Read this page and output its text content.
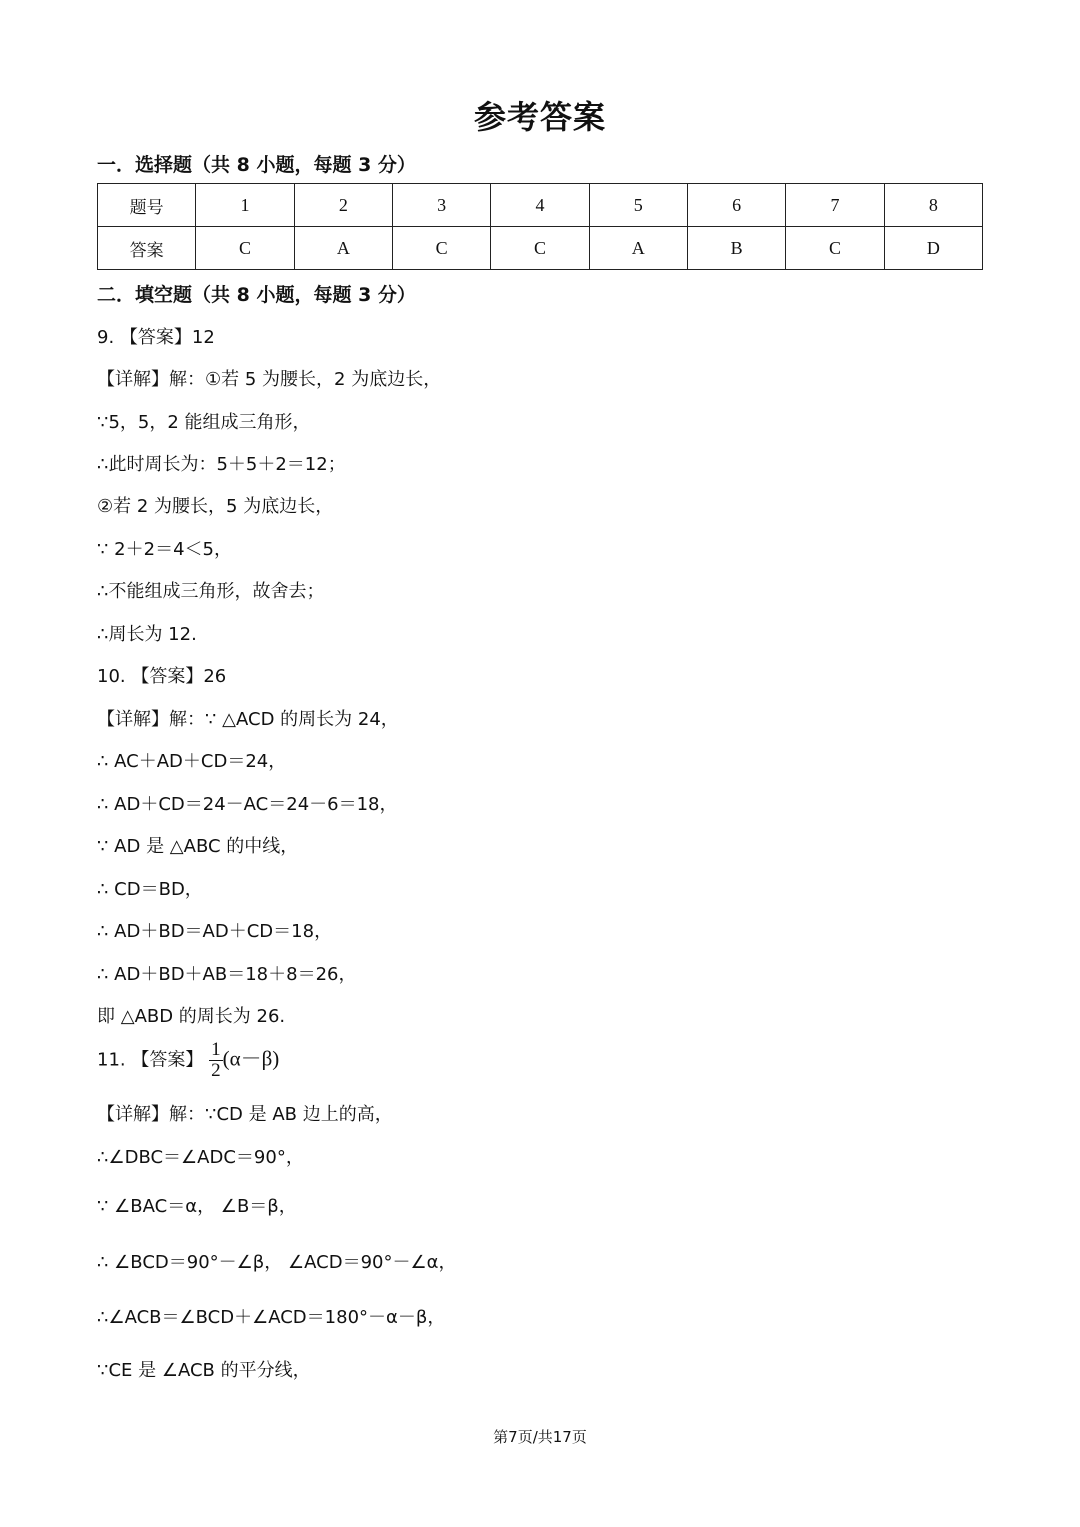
参考答案
一．选择题（共 8 小题，每题 3 分）
题号	1	2	3	4	5	6	7	8
答案	C	A	C	C	A	B	C	D
二．填空题（共 8 小题，每题 3 分）
9. 【答案】12
【详解】解：①若 5 为腰长，2 为底边长，
∵5，5，2 能组成三角形，
∴此时周长为：5＋5＋2＝12；
②若 2 为腰长，5 为底边长，
∵ 2＋2＝4＜5，
∴不能组成三角形，故舍去；
∴周长为 12.
10. 【答案】26
【详解】解：∵ △ACD 的周长为 24，
∴ AC＋AD＋CD＝24，
∴ AD＋CD＝24－AC＝24－6＝18，
∵ AD 是 △ABC 的中线，
∴ CD＝BD，
∴ AD＋BD＝AD＋CD＝18，
∴ AD＋BD＋AB＝18＋8＝26，
即 △ABD 的周长为 26.
11. 【答案】 $\frac{1}{2} (\alpha-\beta)$
【详解】解：∵CD 是 AB 边上的高，
∴∠DBC＝∠ADC＝90°，
∵ ∠BAC＝α， ∠B＝β，
∴ ∠BCD＝90°－∠β， ∠ACD＝90°－∠α，
∴∠ACB＝∠BCD＋∠ACD＝180°－α－β，
∵CE 是 ∠ACB 的平分线，
第7页/共17页
